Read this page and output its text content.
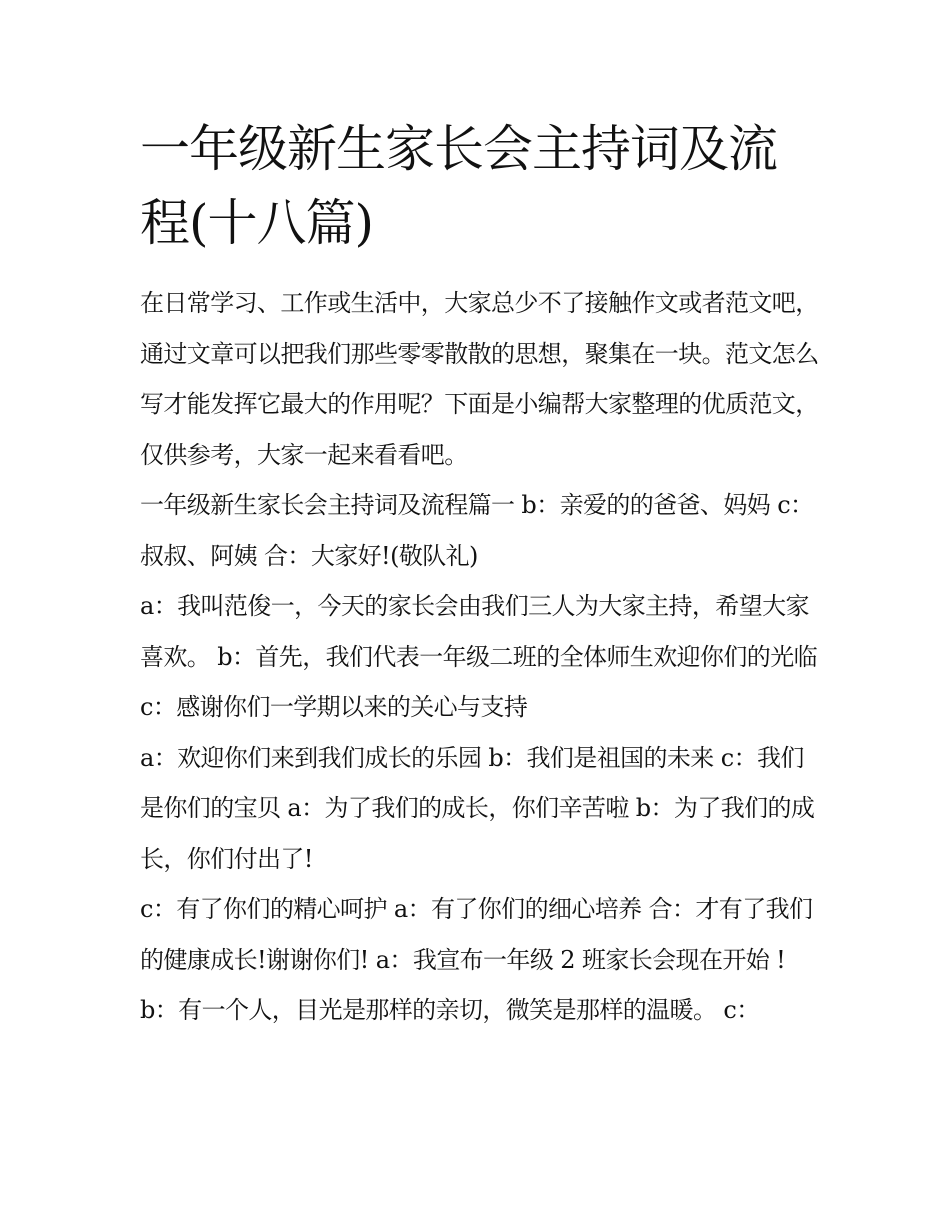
一年级新生家长会主持词及流程(十八篇)

在日常学习、工作或生活中，大家总少不了接触作文或者范文吧，通过文章可以把我们那些零零散散的思想，聚集在一块。范文怎么写才能发挥它最大的作用呢？下面是小编帮大家整理的优质范文，仅供参考，大家一起来看看吧。

一年级新生家长会主持词及流程篇一 b：亲爱的的爸爸、妈妈 c：叔叔、阿姨 合：大家好!(敬队礼)

a：我叫范俊一，今天的家长会由我们三人为大家主持，希望大家喜欢。 b：首先，我们代表一年级二班的全体师生欢迎你们的光临 c：感谢你们一学期以来的关心与支持

a：欢迎你们来到我们成长的乐园 b：我们是祖国的未来 c：我们是你们的宝贝 a：为了我们的成长，你们辛苦啦 b：为了我们的成长，你们付出了!

c：有了你们的精心呵护 a：有了你们的细心培养 合：才有了我们的健康成长!谢谢你们! a：我宣布一年级 2 班家长会现在开始 !

b：有一个人，目光是那样的亲切，微笑是那样的温暖。 c：
